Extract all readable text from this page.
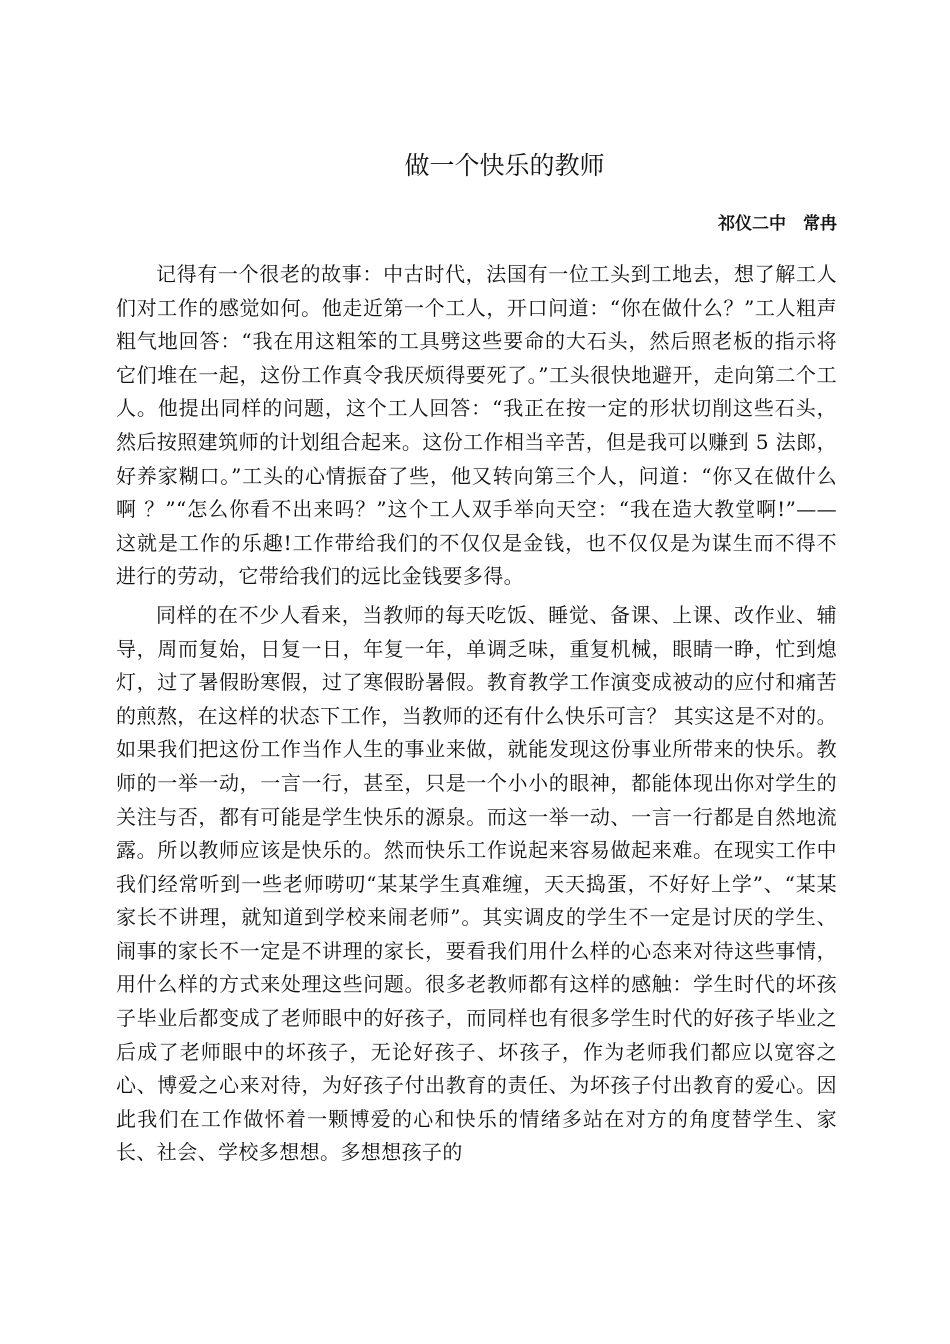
做一个快乐的教师
祁仪二中　常冉

记得有一个很老的故事：中古时代，法国有一位工头到工地去，想了解工人们对工作的感觉如何。他走近第一个工人，开口问道：“你在做什么？”工人粗声粗气地回答：“我在用这粗笨的工具劈这些要命的大石头，然后照老板的指示将它们堆在一起，这份工作真令我厌烦得要死了。”工头很快地避开，走向第二个工人。他提出同样的问题，这个工人回答：“我正在按一定的形状切削这些石头，然后按照建筑师的计划组合起来。这份工作相当辛苦，但是我可以赚到 5 法郎，好养家糊口。”工头的心情振奋了些，他又转向第三个人，问道：“你又在做什么啊 ？”“怎么你看不出来吗？”这个工人双手举向天空：“我在造大教堂啊!”——这就是工作的乐趣!工作带给我们的不仅仅是金钱，也不仅仅是为谋生而不得不进行的劳动，它带给我们的远比金钱要多得。

同样的在不少人看来，当教师的每天吃饭、睡觉、备课、上课、改作业、辅导，周而复始，日复一日，年复一年，单调乏味，重复机械，眼睛一睁，忙到熄灯，过了暑假盼寒假，过了寒假盼暑假。教育教学工作演变成被动的应付和痛苦的煎熬，在这样的状态下工作，当教师的还有什么快乐可言？ 其实这是不对的。如果我们把这份工作当作人生的事业来做，就能发现这份事业所带来的快乐。教师的一举一动，一言一行，甚至，只是一个小小的眼神，都能体现出你对学生的关注与否，都有可能是学生快乐的源泉。而这一举一动、一言一行都是自然地流露。所以教师应该是快乐的。然而快乐工作说起来容易做起来难。在现实工作中我们经常听到一些老师唠叨“某某学生真难缠，天天捣蛋，不好好上学”、“某某家长不讲理，就知道到学校来闹老师”。其实调皮的学生不一定是讨厌的学生、闹事的家长不一定是不讲理的家长，要看我们用什么样的心态来对待这些事情，用什么样的方式来处理这些问题。很多老教师都有这样的感触：学生时代的坏孩子毕业后都变成了老师眼中的好孩子，而同样也有很多学生时代的好孩子毕业之后成了老师眼中的坏孩子，无论好孩子、坏孩子，作为老师我们都应以宽容之心、博爱之心来对待，为好孩子付出教育的责任、为坏孩子付出教育的爱心。因此我们在工作做怀着一颗博爱的心和快乐的情绪多站在对方的角度替学生、家长、社会、学校多想想。多想想孩子的
